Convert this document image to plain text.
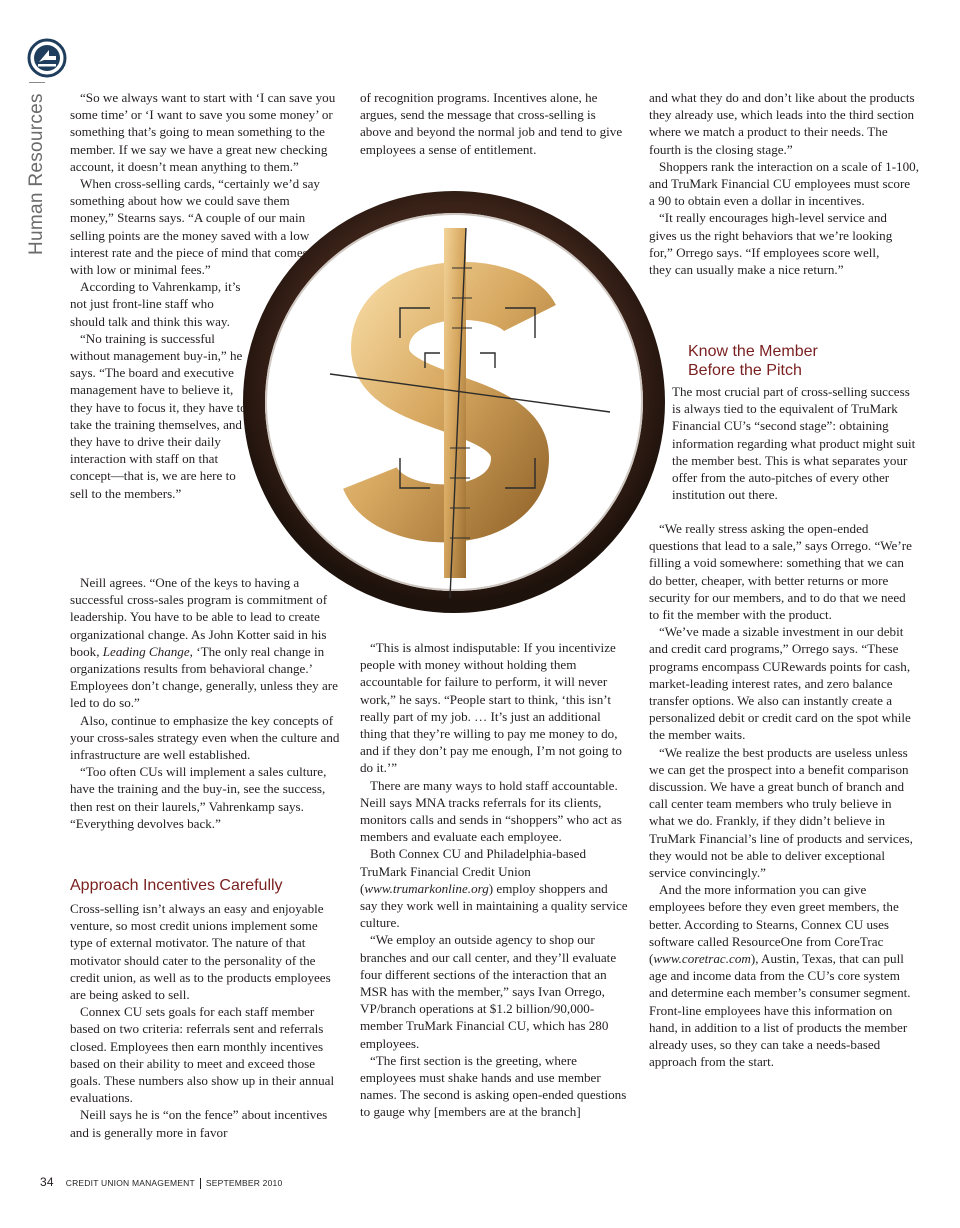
Human Resources	“So we always want to start with ‘I can save you some time’ or ‘I want to save you some money’ or something that’s going to mean something to the member. If we say we have a great new checking account, it doesn’t mean anything to them.”

When cross-selling cards, “certainly we’d say something about how we could save them money,” Stearns says. “A couple of our main selling points are the money saved with a low interest rate and the piece of mind that comes with low or minimal fees.”

According to Vahrenkamp, it’s not just front-line staff who should talk and think this way.

“No training is successful without management buy-in,” he says. “The board and executive management have to believe it, they have to focus it, they have to take the training themselves, and they have to drive their daily interaction with staff on that concept—that is, we are here to sell to the members.”

Neill agrees. “One of the keys to having a successful cross-sales program is commitment of leadership. You have to be able to lead to create organizational change. As John Kotter said in his book, Leading Change, ‘The only real change in organizations results from behavioral change.’ Employees don’t change, generally, unless they are led to do so.”

Also, continue to emphasize the key concepts of your cross-sales strategy even when the culture and infrastructure are well established.

“Too often CUs will implement a sales culture, have the training and the buy-in, see the success, then rest on their laurels,” Vahrenkamp says. “Everything devolves back.”

Approach Incentives Carefully

Cross-selling isn’t always an easy and enjoyable venture, so most credit unions implement some type of external motivator. The nature of that motivator should cater to the personality of the credit union, as well as to the products employees are being asked to sell.

Connex CU sets goals for each staff member based on two criteria: referrals sent and referrals closed. Employees then earn monthly incentives based on their ability to meet and exceed those goals. These numbers also show up in their annual evaluations.

Neill says he is “on the fence” about incentives and is generally more in favor

of recognition programs. Incentives alone, he argues, send the message that cross-selling is above and beyond the normal job and tend to give employees a sense of entitlement.

“This is almost indisputable: If you incentivize people with money without holding them accountable for failure to perform, it will never work,” he says. “People start to think, ‘this isn’t really part of my job. … It’s just an additional thing that they’re willing to pay me money to do, and if they don’t pay me enough, I’m not going to do it.’”

There are many ways to hold staff accountable. Neill says MNA tracks referrals for its clients, monitors calls and sends in “shoppers” who act as members and evaluate each employee.

Both Connex CU and Philadelphia-based TruMark Financial Credit Union (www.trumarkonline.org) employ shoppers and say they work well in maintaining a quality service culture.

“We employ an outside agency to shop our branches and our call center, and they’ll evaluate four different sections of the interaction that an MSR has with the member,” says Ivan Orrego, VP/branch operations at $1.2 billion/90,000-member TruMark Financial CU, which has 280 employees.

“The first section is the greeting, where employees must shake hands and use member names. The second is asking open-ended questions to gauge why [members are at the branch]

and what they do and don’t like about the products they already use, which leads into the third section where we match a product to their needs. The fourth is the closing stage.”

Shoppers rank the interaction on a scale of 1-100, and TruMark Financial CU employees must score a 90 to obtain even a dollar in incentives.

“It really encourages high-level service and gives us the right behaviors that we’re looking for,” Orrego says. “If employees score well, they can usually make a nice return.”

Know the Member
Before the Pitch

The most crucial part of cross-selling success is always tied to the equivalent of TruMark Financial CU’s “second stage”: obtaining information regarding what product might suit the member best. This is what separates your offer from the auto-pitches of every other institution out there.

“We really stress asking the open-ended questions that lead to a sale,” says Orrego. “We’re filling a void somewhere: something that we can do better, cheaper, with better returns or more security for our members, and to do that we need to fit the member with the product.

“We’ve made a sizable investment in our debit and credit card programs,” Orrego says. “These programs encompass CURewards points for cash, market-leading interest rates, and zero balance transfer options. We also can instantly create a personalized debit or credit card on the spot while the member waits.

“We realize the best products are useless unless we can get the prospect into a benefit comparison discussion. We have a great bunch of branch and call center team members who truly believe in what we do. Frankly, if they didn’t believe in TruMark Financial’s line of products and services, they would not be able to deliver exceptional service convincingly.”

And the more information you can give employees before they even greet members, the better. According to Stearns, Connex CU uses software called ResourceOne from CoreTrac (www.coretrac.com), Austin, Texas, that can pull age and income data from the CU’s core system and determine each member’s consumer segment. Front-line employees have this information on hand, in addition to a list of products the member already uses, so they can take a needs-based approach from the start.

34 CREDIT UNION MANAGEMENT SEPTEMBER 2010
